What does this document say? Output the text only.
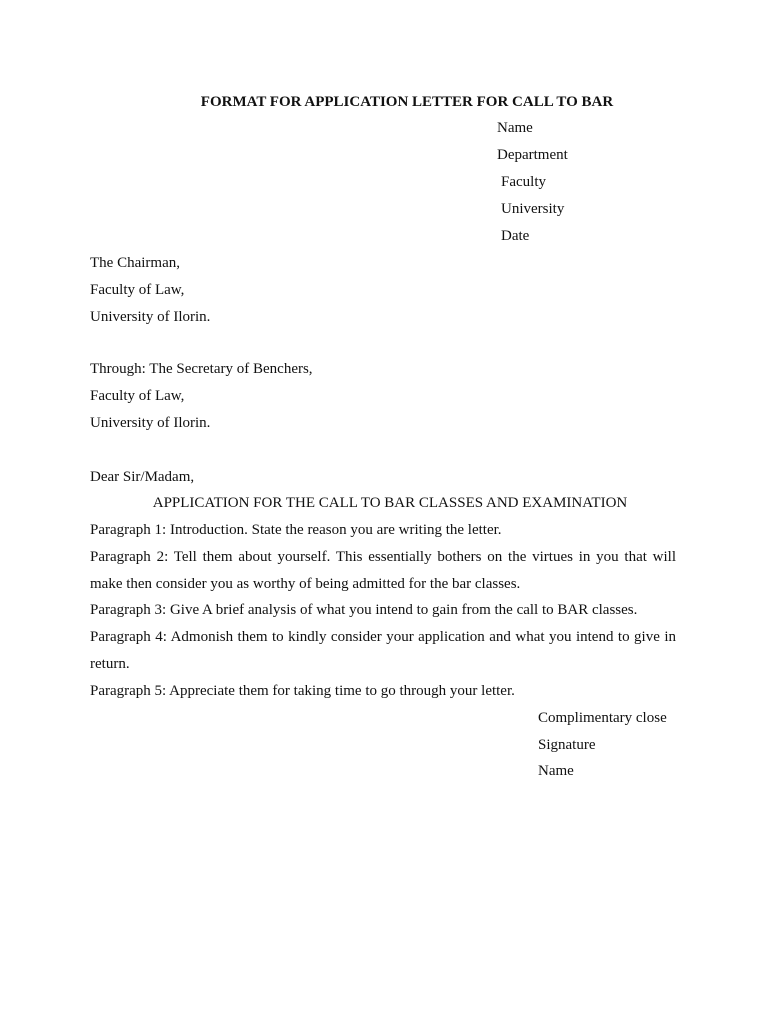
FORMAT FOR APPLICATION LETTER FOR CALL TO BAR
Name
Department
Faculty
University
Date
The Chairman,
Faculty of Law,
University of Ilorin.
Through: The Secretary of Benchers,
Faculty of Law,
University of Ilorin.
Dear Sir/Madam,
APPLICATION FOR THE CALL TO BAR CLASSES AND EXAMINATION
Paragraph 1: Introduction. State the reason you are writing the letter.
Paragraph 2: Tell them about yourself. This essentially bothers on the virtues in you that will make then consider you as worthy of being admitted for the bar classes.
Paragraph 3: Give A brief analysis of what you intend to gain from the call to BAR classes.
Paragraph 4: Admonish them to kindly consider your application and what you intend to give in return.
Paragraph 5: Appreciate them for taking time to go through your letter.
Complimentary close
Signature
Name
